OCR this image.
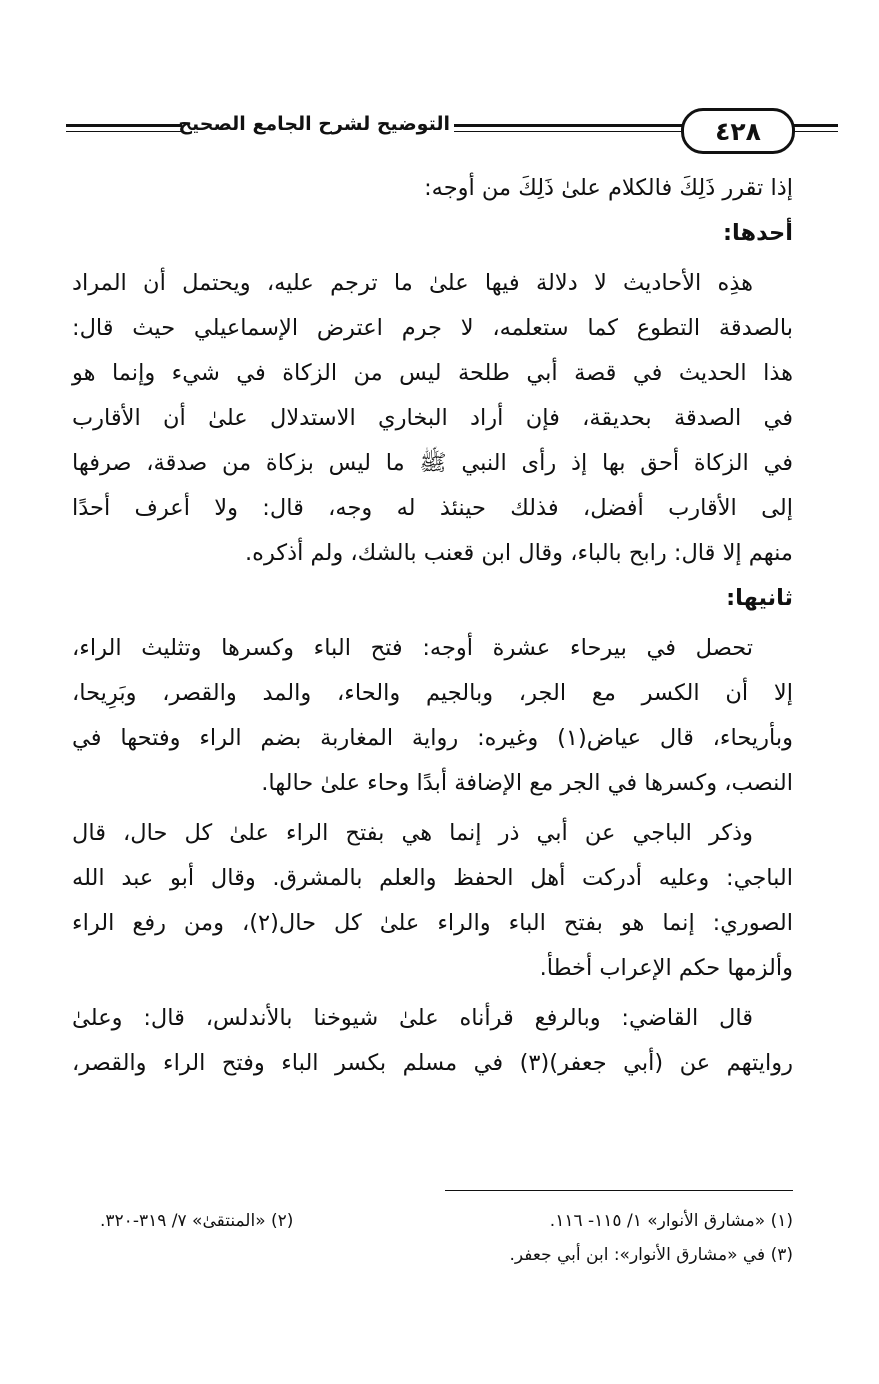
التوضيح لشرح الجامع الصحيح	٤٢٨
إذا تقرر ذَلِكَ فالكلام علىٰ ذَلِكَ من أوجه:
أحدها:
هذِه الأحاديث لا دلالة فيها علىٰ ما ترجم عليه، ويحتمل أن المراد
بالصدقة التطوع كما ستعلمه، لا جرم اعترض الإسماعيلي حيث قال:
هذا الحديث في قصة أبي طلحة ليس من الزكاة في شيء وإنما هو
في الصدقة بحديقة، فإن أراد البخاري الاستدلال علىٰ أن الأقارب
في الزكاة أحق بها إذ رأى النبي ﷺ ما ليس بزكاة من صدقة، صرفها
إلى الأقارب أفضل، فذلك حينئذ له وجه، قال: ولا أعرف أحدًا
منهم إلا قال: رابح بالباء، وقال ابن قعنب بالشك، ولم أذكره.
ثانيها:
تحصل في بيرحاء عشرة أوجه: فتح الباء وكسرها وتثليث الراء،
إلا أن الكسر مع الجر، وبالجيم والحاء، والمد والقصر، وبَرِيحا،
وبأريحاء، قال عياض(١) وغيره: رواية المغاربة بضم الراء وفتحها في
النصب، وكسرها في الجر مع الإضافة أبدًا وحاء علىٰ حالها.
وذكر الباجي عن أبي ذر إنما هي بفتح الراء علىٰ كل حال، قال
الباجي: وعليه أدركت أهل الحفظ والعلم بالمشرق. وقال أبو عبد الله
الصوري: إنما هو بفتح الباء والراء علىٰ كل حال(٢)، ومن رفع الراء
وألزمها حكم الإعراب أخطأ.
قال القاضي: وبالرفع قرأناه علىٰ شيوخنا بالأندلس، قال: وعلىٰ
روايتهم عن (أبي جعفر)(٣) في مسلم بكسر الباء وفتح الراء والقصر،
(١) «مشارق الأنوار» ١/ ١١٥- ١١٦.
(٢) «المنتقىٰ» ٧/ ٣١٩-٣٢٠.
(٣) في «مشارق الأنوار»: ابن أبي جعفر.
